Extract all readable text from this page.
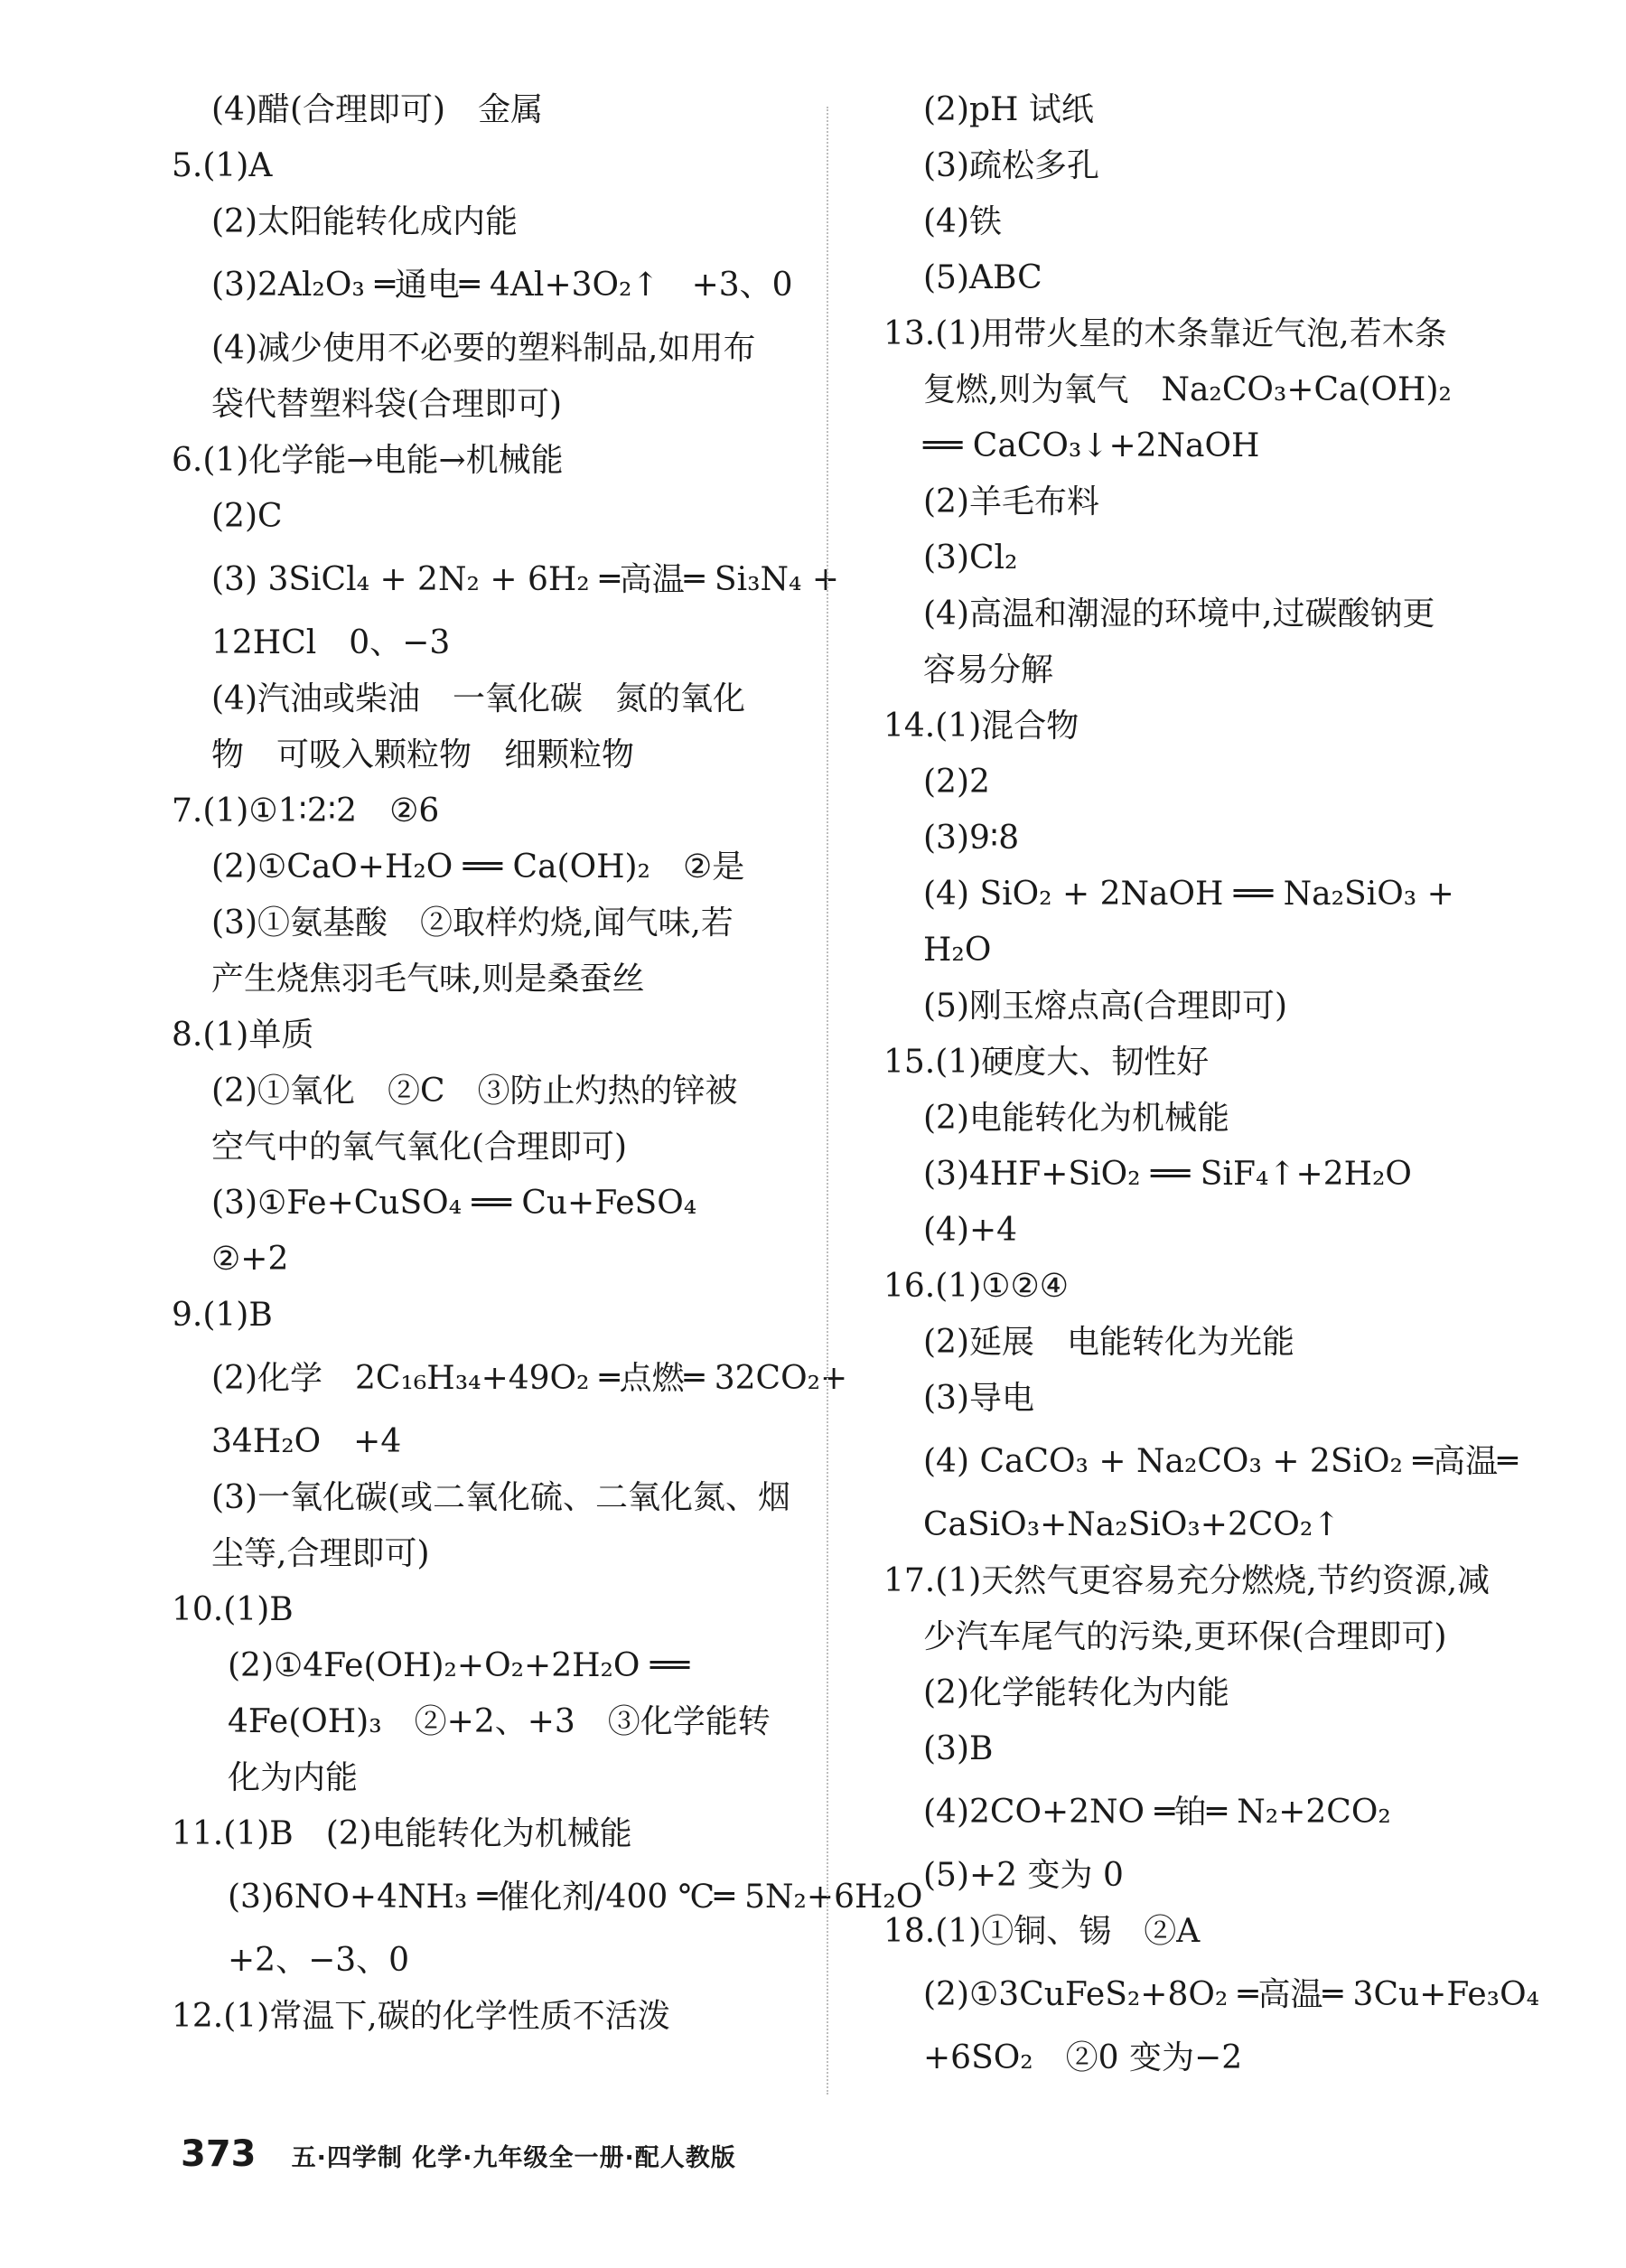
(4)醋(合理即可)　金属
5.(1)A
(2)太阳能转化成内能
(3)2Al₂O₃ ═通电═ 4Al+3O₂↑　+3、0
(4)减少使用不必要的塑料制品,如用布
袋代替塑料袋(合理即可)
6.(1)化学能→电能→机械能
(2)C
(3) 3SiCl₄ + 2N₂ + 6H₂ ═高温═ Si₃N₄ +
12HCl　0、−3
(4)汽油或柴油　一氧化碳　氮的氧化
物　可吸入颗粒物　细颗粒物
7.(1)①1∶2∶2　②6
(2)①CaO+H₂O ══ Ca(OH)₂　②是
(3)①氨基酸　②取样灼烧,闻气味,若
产生烧焦羽毛气味,则是桑蚕丝
8.(1)单质
(2)①氧化　②C　③防止灼热的锌被
空气中的氧气氧化(合理即可)
(3)①Fe+CuSO₄ ══ Cu+FeSO₄
②+2
9.(1)B
(2)化学　2C₁₆H₃₄+49O₂ ═点燃═ 32CO₂+
34H₂O　+4
(3)一氧化碳(或二氧化硫、二氧化氮、烟
尘等,合理即可)
10.(1)B
(2)①4Fe(OH)₂+O₂+2H₂O ══
4Fe(OH)₃　②+2、+3　③化学能转
化为内能
11.(1)B　(2)电能转化为机械能
(3)6NO+4NH₃ ═催化剂/400 ℃═ 5N₂+6H₂O
+2、−3、0
12.(1)常温下,碳的化学性质不活泼
(2)pH 试纸
(3)疏松多孔
(4)铁
(5)ABC
13.(1)用带火星的木条靠近气泡,若木条
复燃,则为氧气　Na₂CO₃+Ca(OH)₂
══ CaCO₃↓+2NaOH
(2)羊毛布料
(3)Cl₂
(4)高温和潮湿的环境中,过碳酸钠更
容易分解
14.(1)混合物
(2)2
(3)9∶8
(4) SiO₂ + 2NaOH ══ Na₂SiO₃ +
H₂O
(5)刚玉熔点高(合理即可)
15.(1)硬度大、韧性好
(2)电能转化为机械能
(3)4HF+SiO₂ ══ SiF₄↑+2H₂O
(4)+4
16.(1)①②④
(2)延展　电能转化为光能
(3)导电
(4) CaCO₃ + Na₂CO₃ + 2SiO₂ ═高温═
CaSiO₃+Na₂SiO₃+2CO₂↑
17.(1)天然气更容易充分燃烧,节约资源,减
少汽车尾气的污染,更环保(合理即可)
(2)化学能转化为内能
(3)B
(4)2CO+2NO ═铂═ N₂+2CO₂
(5)+2 变为 0
18.(1)①铜、锡　②A
(2)①3CuFeS₂+8O₂ ═高温═ 3Cu+Fe₃O₄
+6SO₂　②0 变为−2
373 五·四学制 化学·九年级全一册·配人教版
